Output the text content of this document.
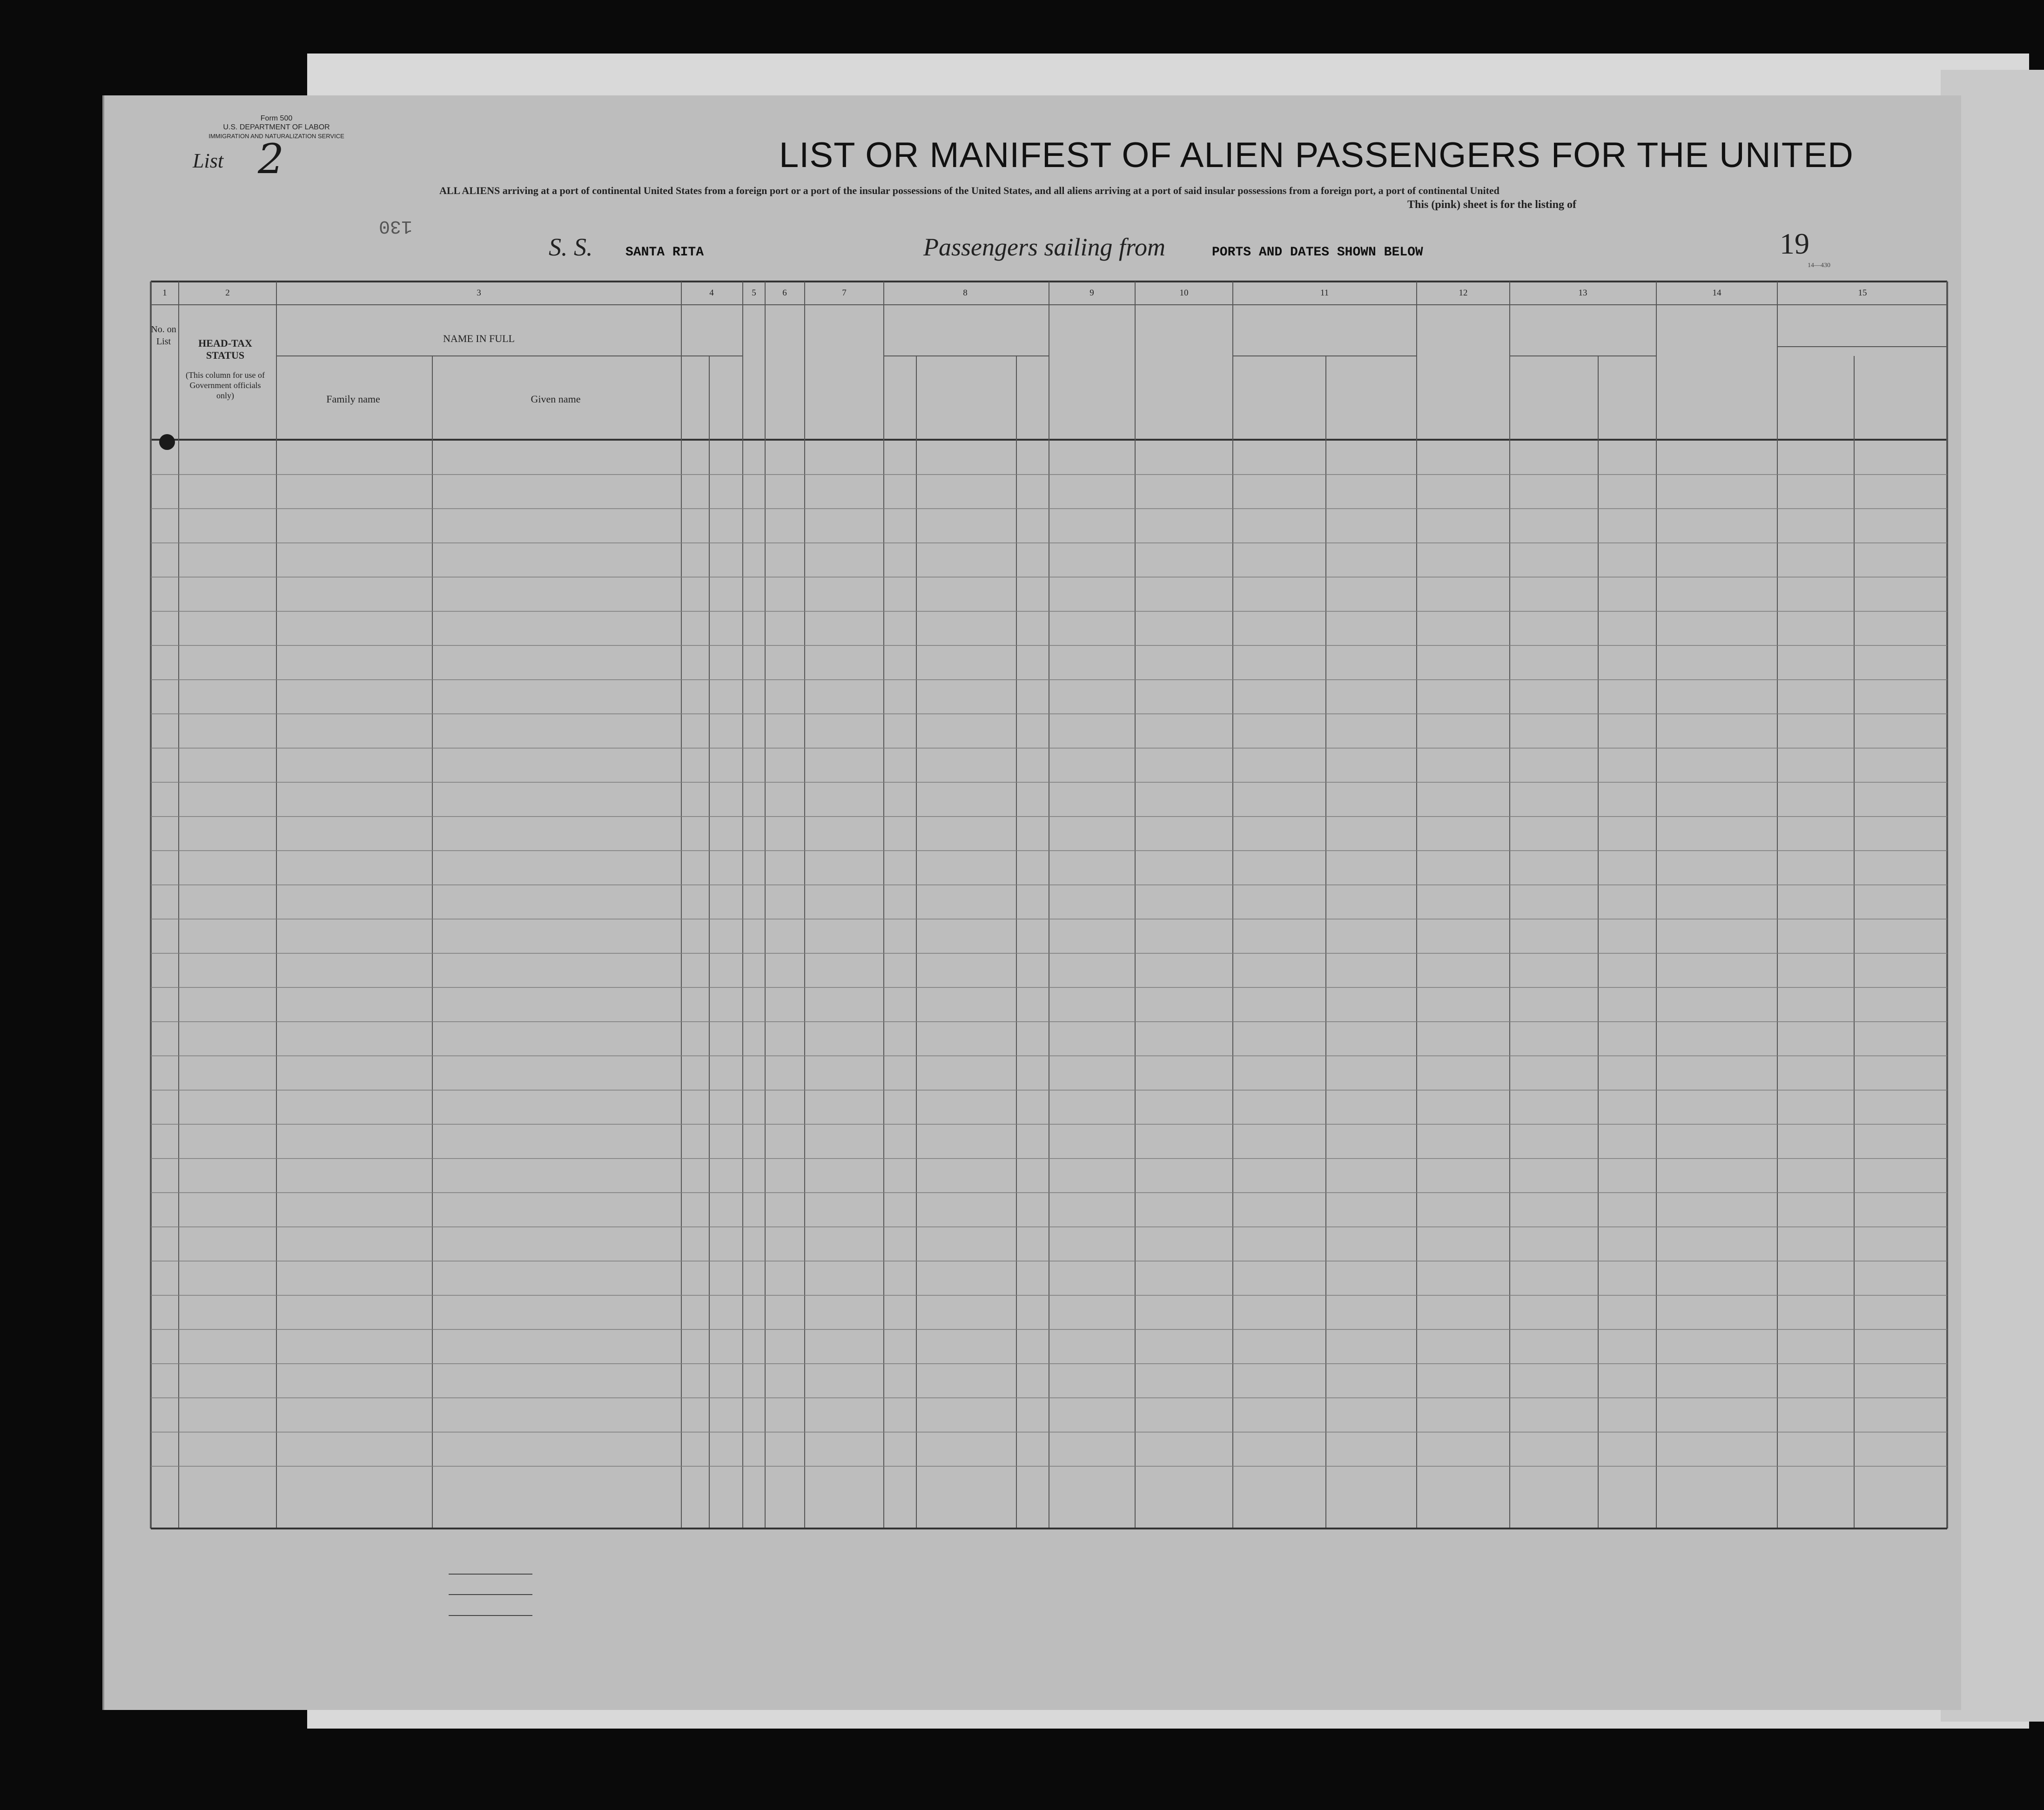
Form 500
U.S. DEPARTMENT OF LABOR
IMMIGRATION AND NATURALIZATION SERVICE
List 2	LIST OR MANIFEST OF ALIEN PASSENGERS FOR THE UNITED
ALL ALIENS arriving at a port of continental United States from a foreign port or a port of the insular possessions of the United States, and all aliens arriving at a port of said insular possessions from a foreign port, a port of continental United
This (pink) sheet is for the listing of
130
S. S.	SANTA RITA	Passengers sailing from	PORTS AND DATES SHOWN BELOW	19
14—430
1	2	3	4	5	6	7	8	9	10	11	12	13	14	15
No. on List	HEAD-TAX STATUS
(This column for use of Government officials only)
NAME IN FULL
Family name	Given name
